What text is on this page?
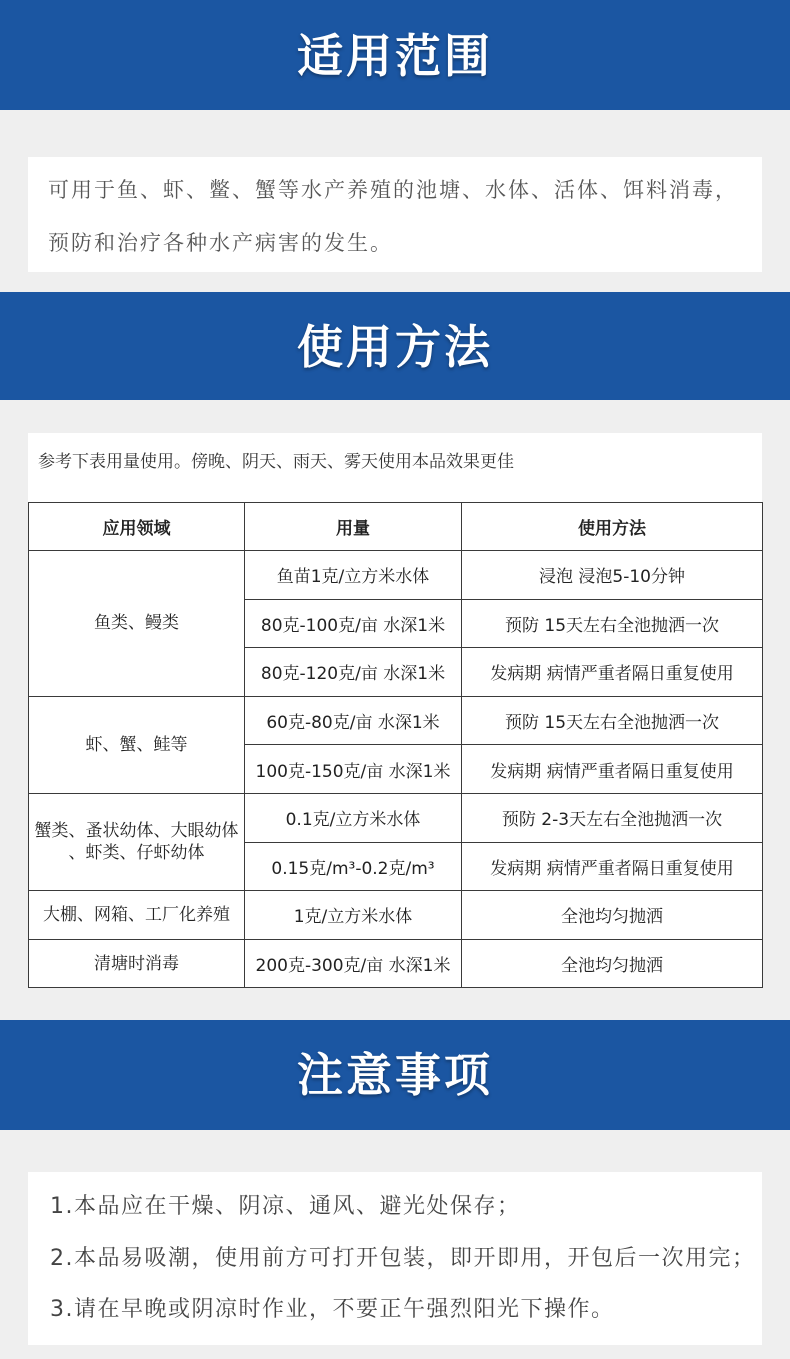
适用范围

可用于鱼、虾、鳖、蟹等水产养殖的池塘、水体、活体、饵料消毒，

预防和治疗各种水产病害的发生。

使用方法
参考下表用量使用。傍晚、阴天、雨天、雾天使用本品效果更佳
应用领域	用量	使用方法

鱼类、鳗类	鱼苗1克/立方米水体	浸泡 浸泡5-10分钟
	80克-100克/亩 水深1米	预防 15天左右全池抛洒一次
	80克-120克/亩 水深1米	发病期 病情严重者隔日重复使用

虾、蟹、鲑等	60克-80克/亩 水深1米	预防 15天左右全池抛洒一次
	100克-150克/亩 水深1米	发病期 病情严重者隔日重复使用

蟹类、蚤状幼体、大眼幼体
、虾类、仔虾幼体	0.1克/立方米水体	预防 2-3天左右全池抛洒一次
	0.15克/m³-0.2克/m³	发病期 病情严重者隔日重复使用

大棚、网箱、工厂化养殖	1克/立方米水体	全池均匀抛洒

清塘时消毒	200克-300克/亩 水深1米	全池均匀抛洒
注意事项

1.本品应在干燥、阴凉、通风、避光处保存；

2.本品易吸潮，使用前方可打开包装，即开即用，开包后一次用完；

3.请在早晚或阴凉时作业，不要正午强烈阳光下操作。
